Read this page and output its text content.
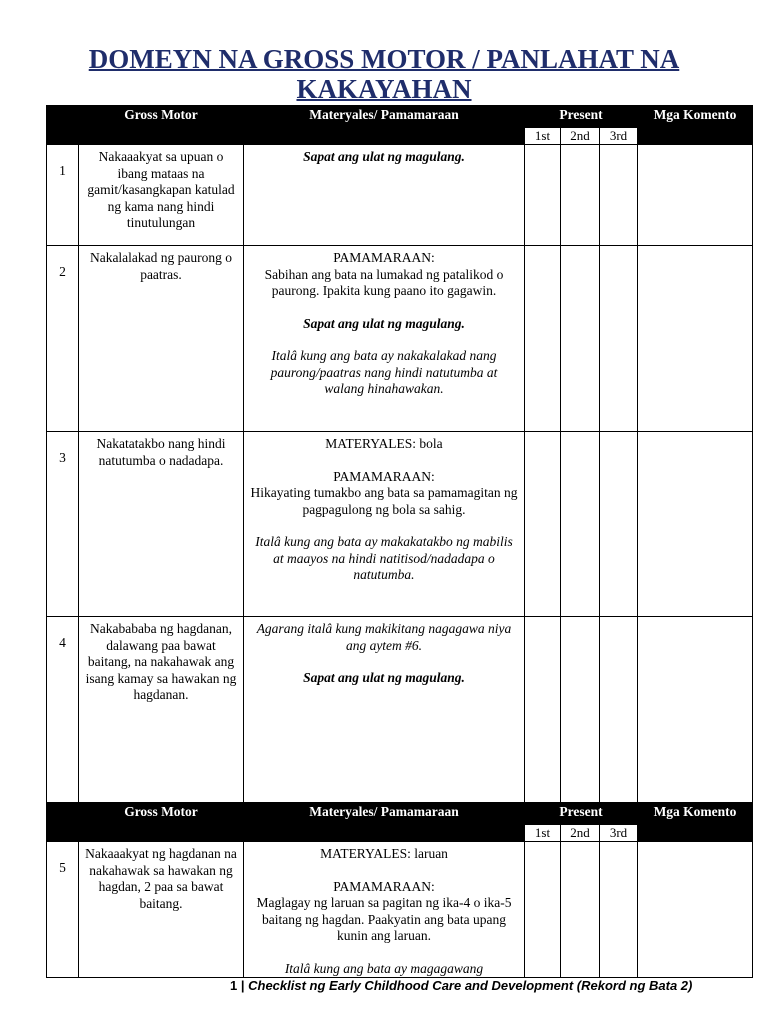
DOMEYN NA GROSS MOTOR / PANLAHAT NA
KAKAYAHAN
	Gross Motor	Materyales/ Pamamaraan	Present			Mga Komento
			1st	2nd	3rd	
1	Nakaaakyat sa upuan o ibang mataas na gamit/kasangkapan katulad ng kama nang hindi tinutulungan	Sapat ang ulat ng magulang.				

2	Nakalalakad ng paurong o paatras.	PAMAMARAAN:

Sabihan ang bata na lumakad ng patalikod o paurong. Ipakita kung paano ito gagawin.

Sapat ang ulat ng magulang.

Italâ kung ang bata ay nakakalakad nang paurong/paatras nang hindi natutumba at walang hinahawakan.				

3	Nakatatakbo nang hindi natutumba o nadadapa.	MATERYALES: bola

PAMAMARAAN:

Hikayating tumakbo ang bata sa pamamagitan ng pagpagulong ng bola sa sahig.

Italâ kung ang bata ay makakatakbo ng mabilis at maayos na hindi natitisod/nadadapa o natutumba.				

4	Nakabababa ng hagdanan, dalawang paa bawat baitang, na nakahawak ang isang kamay sa hawakan ng hagdanan.	Agarang italâ kung makikitang nagagawa niya ang aytem #6.

Sapat ang ulat ng magulang.				

	Gross Motor	Materyales/ Pamamaraan	Present			Mga Komento
			1st	2nd	3rd	
5	Nakaaakyat ng hagdanan na nakahawak sa hawakan ng hagdan, 2 paa sa bawat baitang.	MATERYALES: laruan

PAMAMARAAN:

Maglagay ng laruan sa pagitan ng ika-4 o ika-5 baitang ng hagdan. Paakyatin ang bata upang kunin ang laruan.

Italâ kung ang bata ay magagawang				

1 | Checklist ng Early Childhood Care and Development (Rekord ng Bata 2)
